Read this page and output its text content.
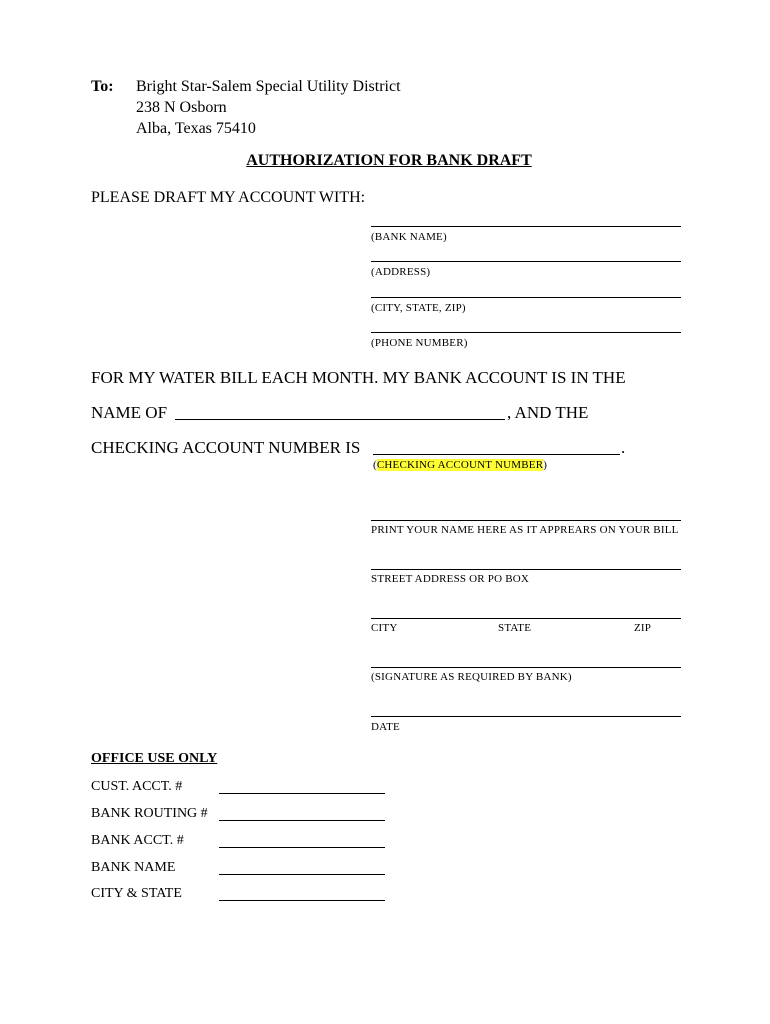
To: Bright Star-Salem Special Utility District
238 N Osborn
Alba, Texas 75410
AUTHORIZATION FOR BANK DRAFT
PLEASE DRAFT MY ACCOUNT WITH:
(BANK NAME)
(ADDRESS)
(CITY, STATE, ZIP)
(PHONE NUMBER)
FOR MY WATER BILL EACH MONTH. MY BANK ACCOUNT IS IN THE
NAME OF	, AND THE
CHECKING ACCOUNT NUMBER IS	.
(CHECKING ACCOUNT NUMBER)
PRINT YOUR NAME HERE AS IT APPREARS ON YOUR BILL
STREET ADDRESS OR PO BOX
CITY	STATE	ZIP
(SIGNATURE AS REQUIRED BY BANK)
DATE
OFFICE USE ONLY
CUST. ACCT. #
BANK ROUTING #
BANK ACCT. #
BANK NAME
CITY & STATE
